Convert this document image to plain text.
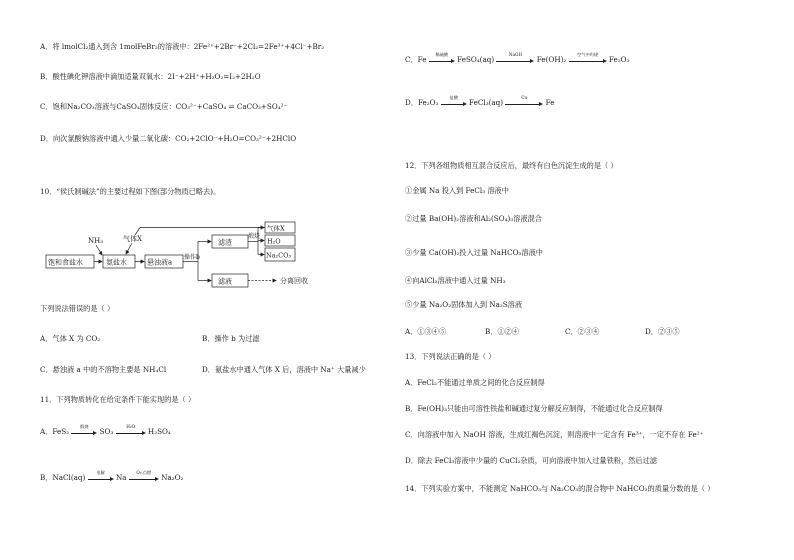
A．将 lmolCl₂通入到含 1molFeBr₂的溶液中：2Fe²⁺+2Br⁻+2Cl₂=2Fe³⁺+4Cl⁻+Br₂
B．酸性碘化钾溶液中滴加适量双氧水：2I⁻+2H⁺+H₂O₂=I₂+2H₂O
C．饱和Na₂CO₃溶液与CaSO₄固体反应：CO₃²⁻+CaSO₄ ⇌ CaCO₃+SO₄²⁻
D．向次氯酸钠溶液中通入少量二氧化碳：CO₂+2ClO⁻+H₂O=CO₃²⁻+2HClO
10．“侯氏制碱法”的主要过程如下图(部分物质已略去)。
NH₃	气体X
饱和食盐水	氨盐水	悬浊液a
操作b
滤渣
滤液
煅烧
气体X
H₂O
Na₂CO₃
分离回收
下列说法错误的是（ ）
A．气体 X 为 CO₂	B．操作 b 为过滤
C．悬浊液 a 中的不溶物主要是 NH₄Cl	D．氨盐水中通入气体 X 后，溶液中 Na⁺ 大量减少
11．下列物质转化在给定条件下能实现的是（ ）
A．FeS₂
煅烧
SO₃
H₂O
H₂SO₄
B．NaCl(aq)
电解
Na
O₂,点燃
Na₂O₂
C．Fe
稀硫酸
FeSO₄(aq)
NaOH
Fe(OH)₂
空气中灼烧
Fe₂O₃
D．Fe₂O₃
盐酸
FeCl₃(aq)
Cu
Fe
12．下列各组物质相互混合反应后，最终有白色沉淀生成的是（ ）
①金属 Na 投入到 FeCl₃ 溶液中
②过量 Ba(OH)₂溶液和Al₂(SO₄)₃溶液混合
③少量 Ca(OH)₂投入过量 NaHCO₃溶液中
④向AlCl₃溶液中通入过量 NH₃
⑤少量 Na₂O₂固体加入到 Na₂S溶液
A．①③④⑤	B．①②④	C．②③④	D．②③⑤
13．下列说法正确的是（ ）
A．FeCl₂不能通过单质之间的化合反应制得
B．Fe(OH)₃只能由可溶性铁盐和碱通过复分解反应制得，不能通过化合反应制得
C．向溶液中加入 NaOH 溶液，生成红褐色沉淀，则溶液中一定含有 Fe³⁺，一定不存在 Fe²⁺
D．除去 FeCl₃溶液中少量的 CuCl₂杂质，可向溶液中加入过量铁粉，然后过滤
14．下列实验方案中，不能测定 NaHCO₃与 Na₂CO₃的混合物中 NaHCO₃的质量分数的是（ ）
